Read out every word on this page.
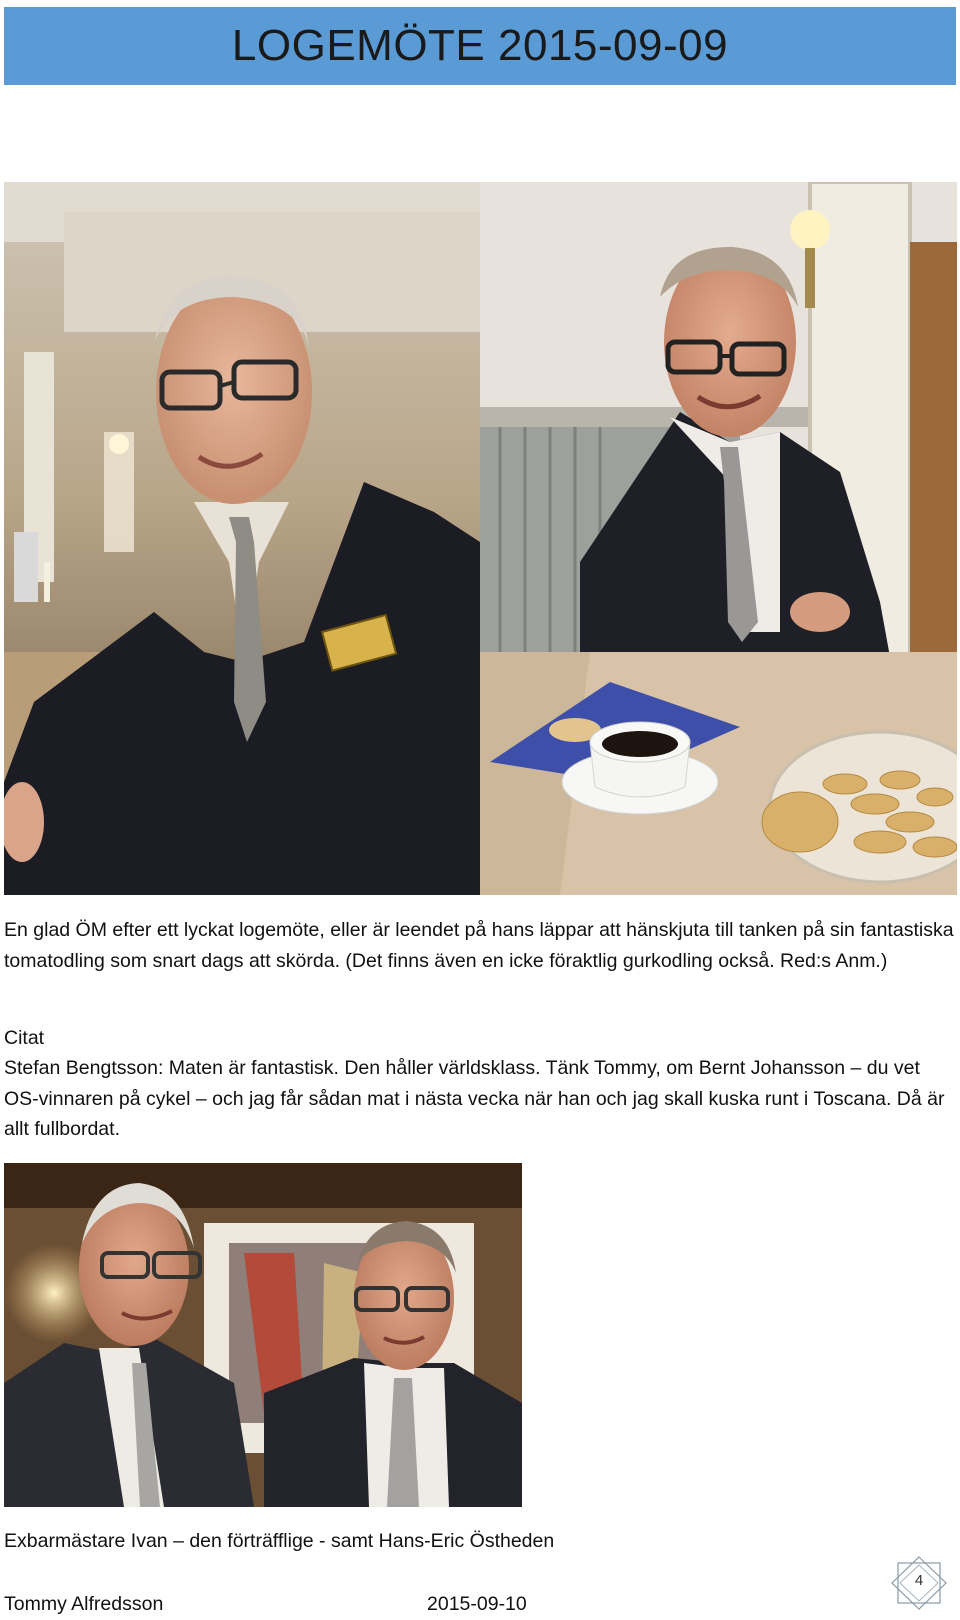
LOGEMÖTE 2015-09-09
En glad ÖM efter ett lyckat logemöte, eller är leendet på hans läppar att hänskjuta till tanken på sin fantastiska tomatodling som snart dags att skörda. (Det finns även en icke föraktlig gurkodling också. Red:s Anm.)
Citat
Stefan Bengtsson: Maten är fantastisk. Den håller världsklass. Tänk Tommy, om Bernt Johansson – du vet OS-vinnaren på cykel – och jag får sådan mat i nästa vecka när han och jag skall kuska runt i Toscana. Då är allt fullbordat.
Exbarmästare Ivan – den förträfflige - samt Hans-Eric Östheden
Tommy Alfredsson	2015-09-10
4
